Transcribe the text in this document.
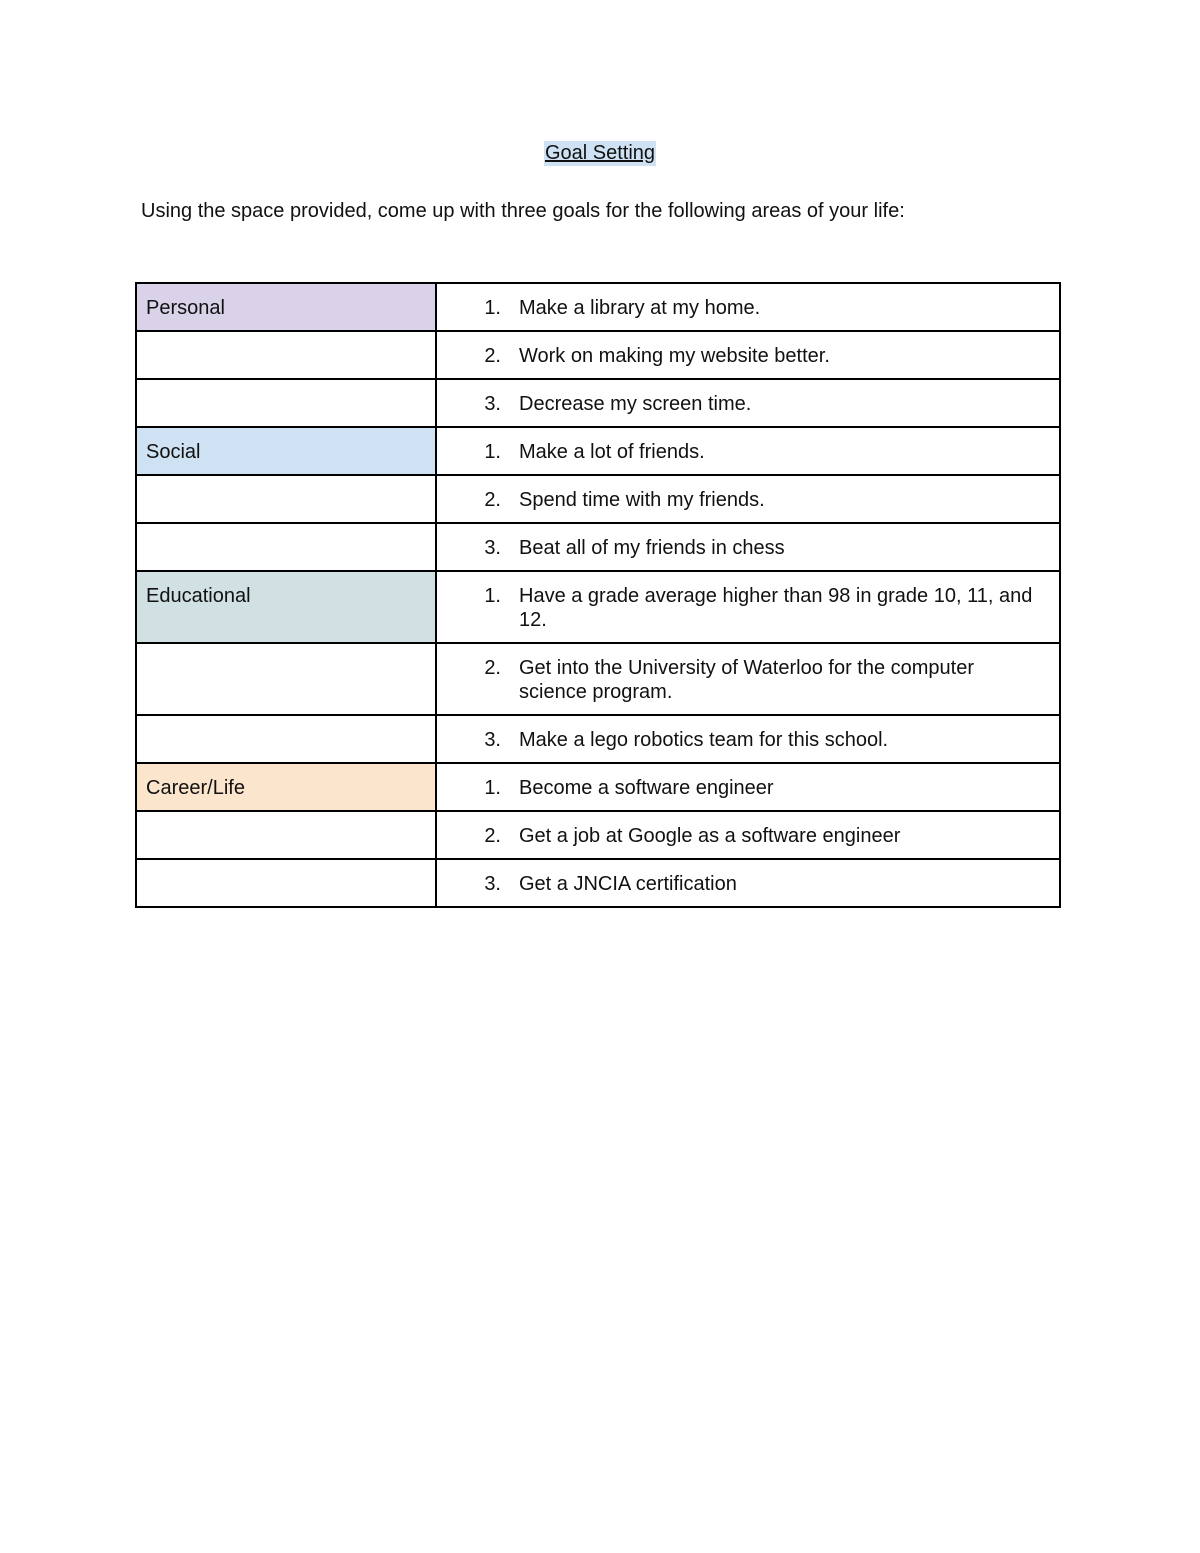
Goal Setting
Using the space provided, come up with three goals for the following areas of your life:
Personal	1. Make a library at my home.

	2. Work on making my website better.

	3. Decrease my screen time.

Social	1. Make a lot of friends.

	2. Spend time with my friends.

	3. Beat all of my friends in chess

Educational	1. Have a grade average higher than 98 in grade 10, 11, and 12.

	2. Get into the University of Waterloo for the computer science program.

	3. Make a lego robotics team for this school.

Career/Life	1. Become a software engineer

	2. Get a job at Google as a software engineer

	3. Get a JNCIA certification
